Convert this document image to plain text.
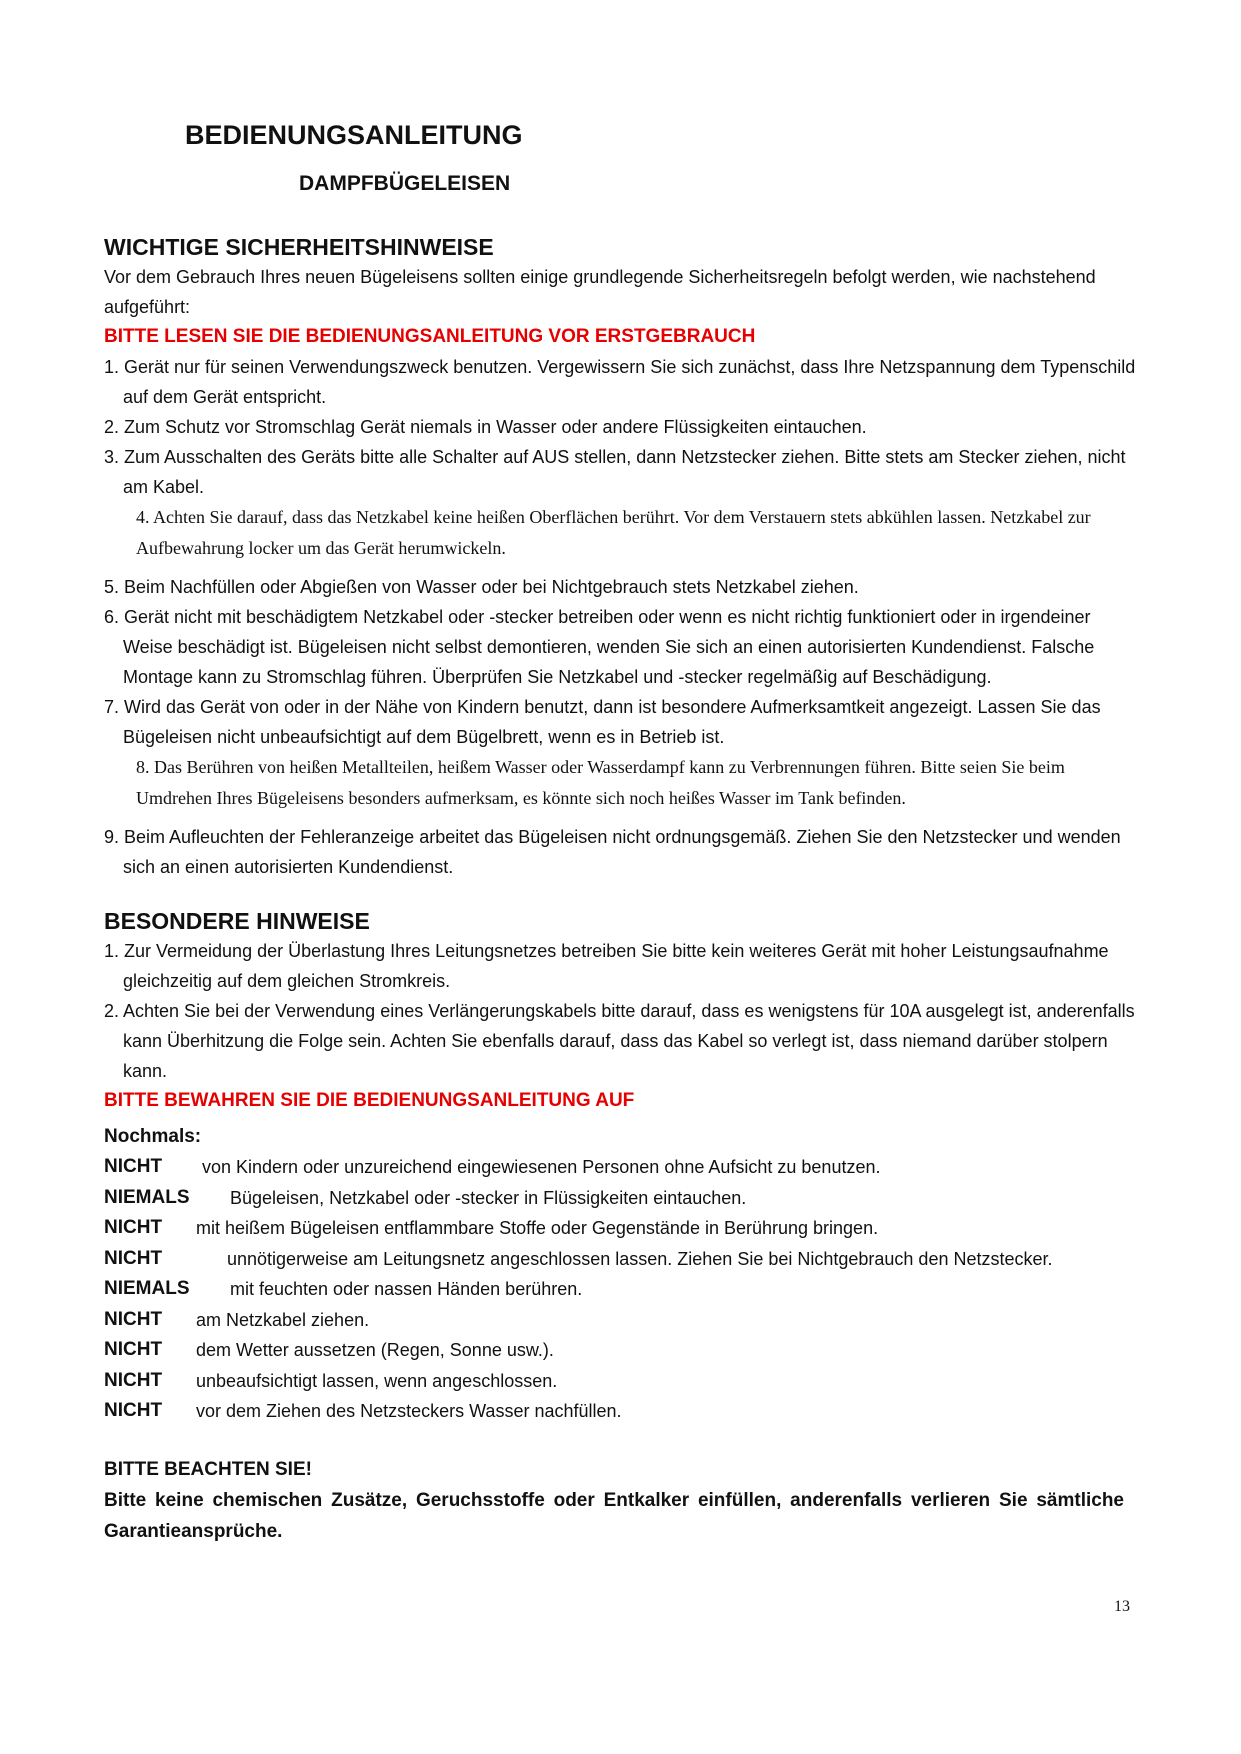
BEDIENUNGSANLEITUNG
DAMPFBÜGELEISEN
WICHTIGE SICHERHEITSHINWEISE

Vor dem Gebrauch Ihres neuen Bügeleisens sollten einige grundlegende Sicherheitsregeln befolgt werden, wie nachstehend aufgeführt:

BITTE LESEN SIE DIE BEDIENUNGSANLEITUNG VOR ERSTGEBRAUCH

1. Gerät nur für seinen Verwendungszweck benutzen. Vergewissern Sie sich zunächst, dass Ihre Netzspannung dem Typenschild auf dem Gerät entspricht.

2. Zum Schutz vor Stromschlag Gerät niemals in Wasser oder andere Flüssigkeiten eintauchen.

3. Zum Ausschalten des Geräts bitte alle Schalter auf AUS stellen, dann Netzstecker ziehen. Bitte stets am Stecker ziehen, nicht am Kabel.

4. Achten Sie darauf, dass das Netzkabel keine heißen Oberflächen berührt. Vor dem Verstauern stets abkühlen lassen. Netzkabel zur Aufbewahrung locker um das Gerät herumwickeln.

5. Beim Nachfüllen oder Abgießen von Wasser oder bei Nichtgebrauch stets Netzkabel ziehen.

6. Gerät nicht mit beschädigtem Netzkabel oder -stecker betreiben oder wenn es nicht richtig funktioniert oder in irgendeiner Weise beschädigt ist. Bügeleisen nicht selbst demontieren, wenden Sie sich an einen autorisierten Kundendienst. Falsche Montage kann zu Stromschlag führen. Überprüfen Sie Netzkabel und -stecker regelmäßig auf Beschädigung.

7. Wird das Gerät von oder in der Nähe von Kindern benutzt, dann ist besondere Aufmerksamtkeit angezeigt. Lassen Sie das Bügeleisen nicht unbeaufsichtigt auf dem Bügelbrett, wenn es in Betrieb ist.

8. Das Berühren von heißen Metallteilen, heißem Wasser oder Wasserdampf kann zu Verbrennungen führen. Bitte seien Sie beim Umdrehen Ihres Bügeleisens besonders aufmerksam, es könnte sich noch heißes Wasser im Tank befinden.

9. Beim Aufleuchten der Fehleranzeige arbeitet das Bügeleisen nicht ordnungsgemäß. Ziehen Sie den Netzstecker und wenden sich an einen autorisierten Kundendienst.

BESONDERE HINWEISE

1. Zur Vermeidung der Überlastung Ihres Leitungsnetzes betreiben Sie bitte kein weiteres Gerät mit hoher Leistungsaufnahme gleichzeitig auf dem gleichen Stromkreis.

2. Achten Sie bei der Verwendung eines Verlängerungskabels bitte darauf, dass es wenigstens für 10A ausgelegt ist, anderenfalls kann Überhitzung die Folge sein. Achten Sie ebenfalls darauf, dass das Kabel so verlegt ist, dass niemand darüber stolpern kann.

BITTE BEWAHREN SIE DIE BEDIENUNGSANLEITUNG AUF

Nochmals:

NICHT	von Kindern oder unzureichend eingewiesenen Personen ohne Aufsicht zu benutzen.
NIEMALS	Bügeleisen, Netzkabel oder -stecker in Flüssigkeiten eintauchen.
NICHT	mit heißem Bügeleisen entflammbare Stoffe oder Gegenstände in Berührung bringen.
NICHT	unnötigerweise am Leitungsnetz angeschlossen lassen. Ziehen Sie bei Nichtgebrauch den Netzstecker.
NIEMALS	mit feuchten oder nassen Händen berühren.
NICHT	am Netzkabel ziehen.
NICHT	dem Wetter aussetzen (Regen, Sonne usw.).
NICHT	unbeaufsichtigt lassen, wenn angeschlossen.
NICHT	vor dem Ziehen des Netzsteckers Wasser nachfüllen.

BITTE BEACHTEN SIE!

Bitte keine chemischen Zusätze, Geruchsstoffe oder Entkalker einfüllen, anderenfalls verlieren Sie sämtliche Garantieansprüche.

13
